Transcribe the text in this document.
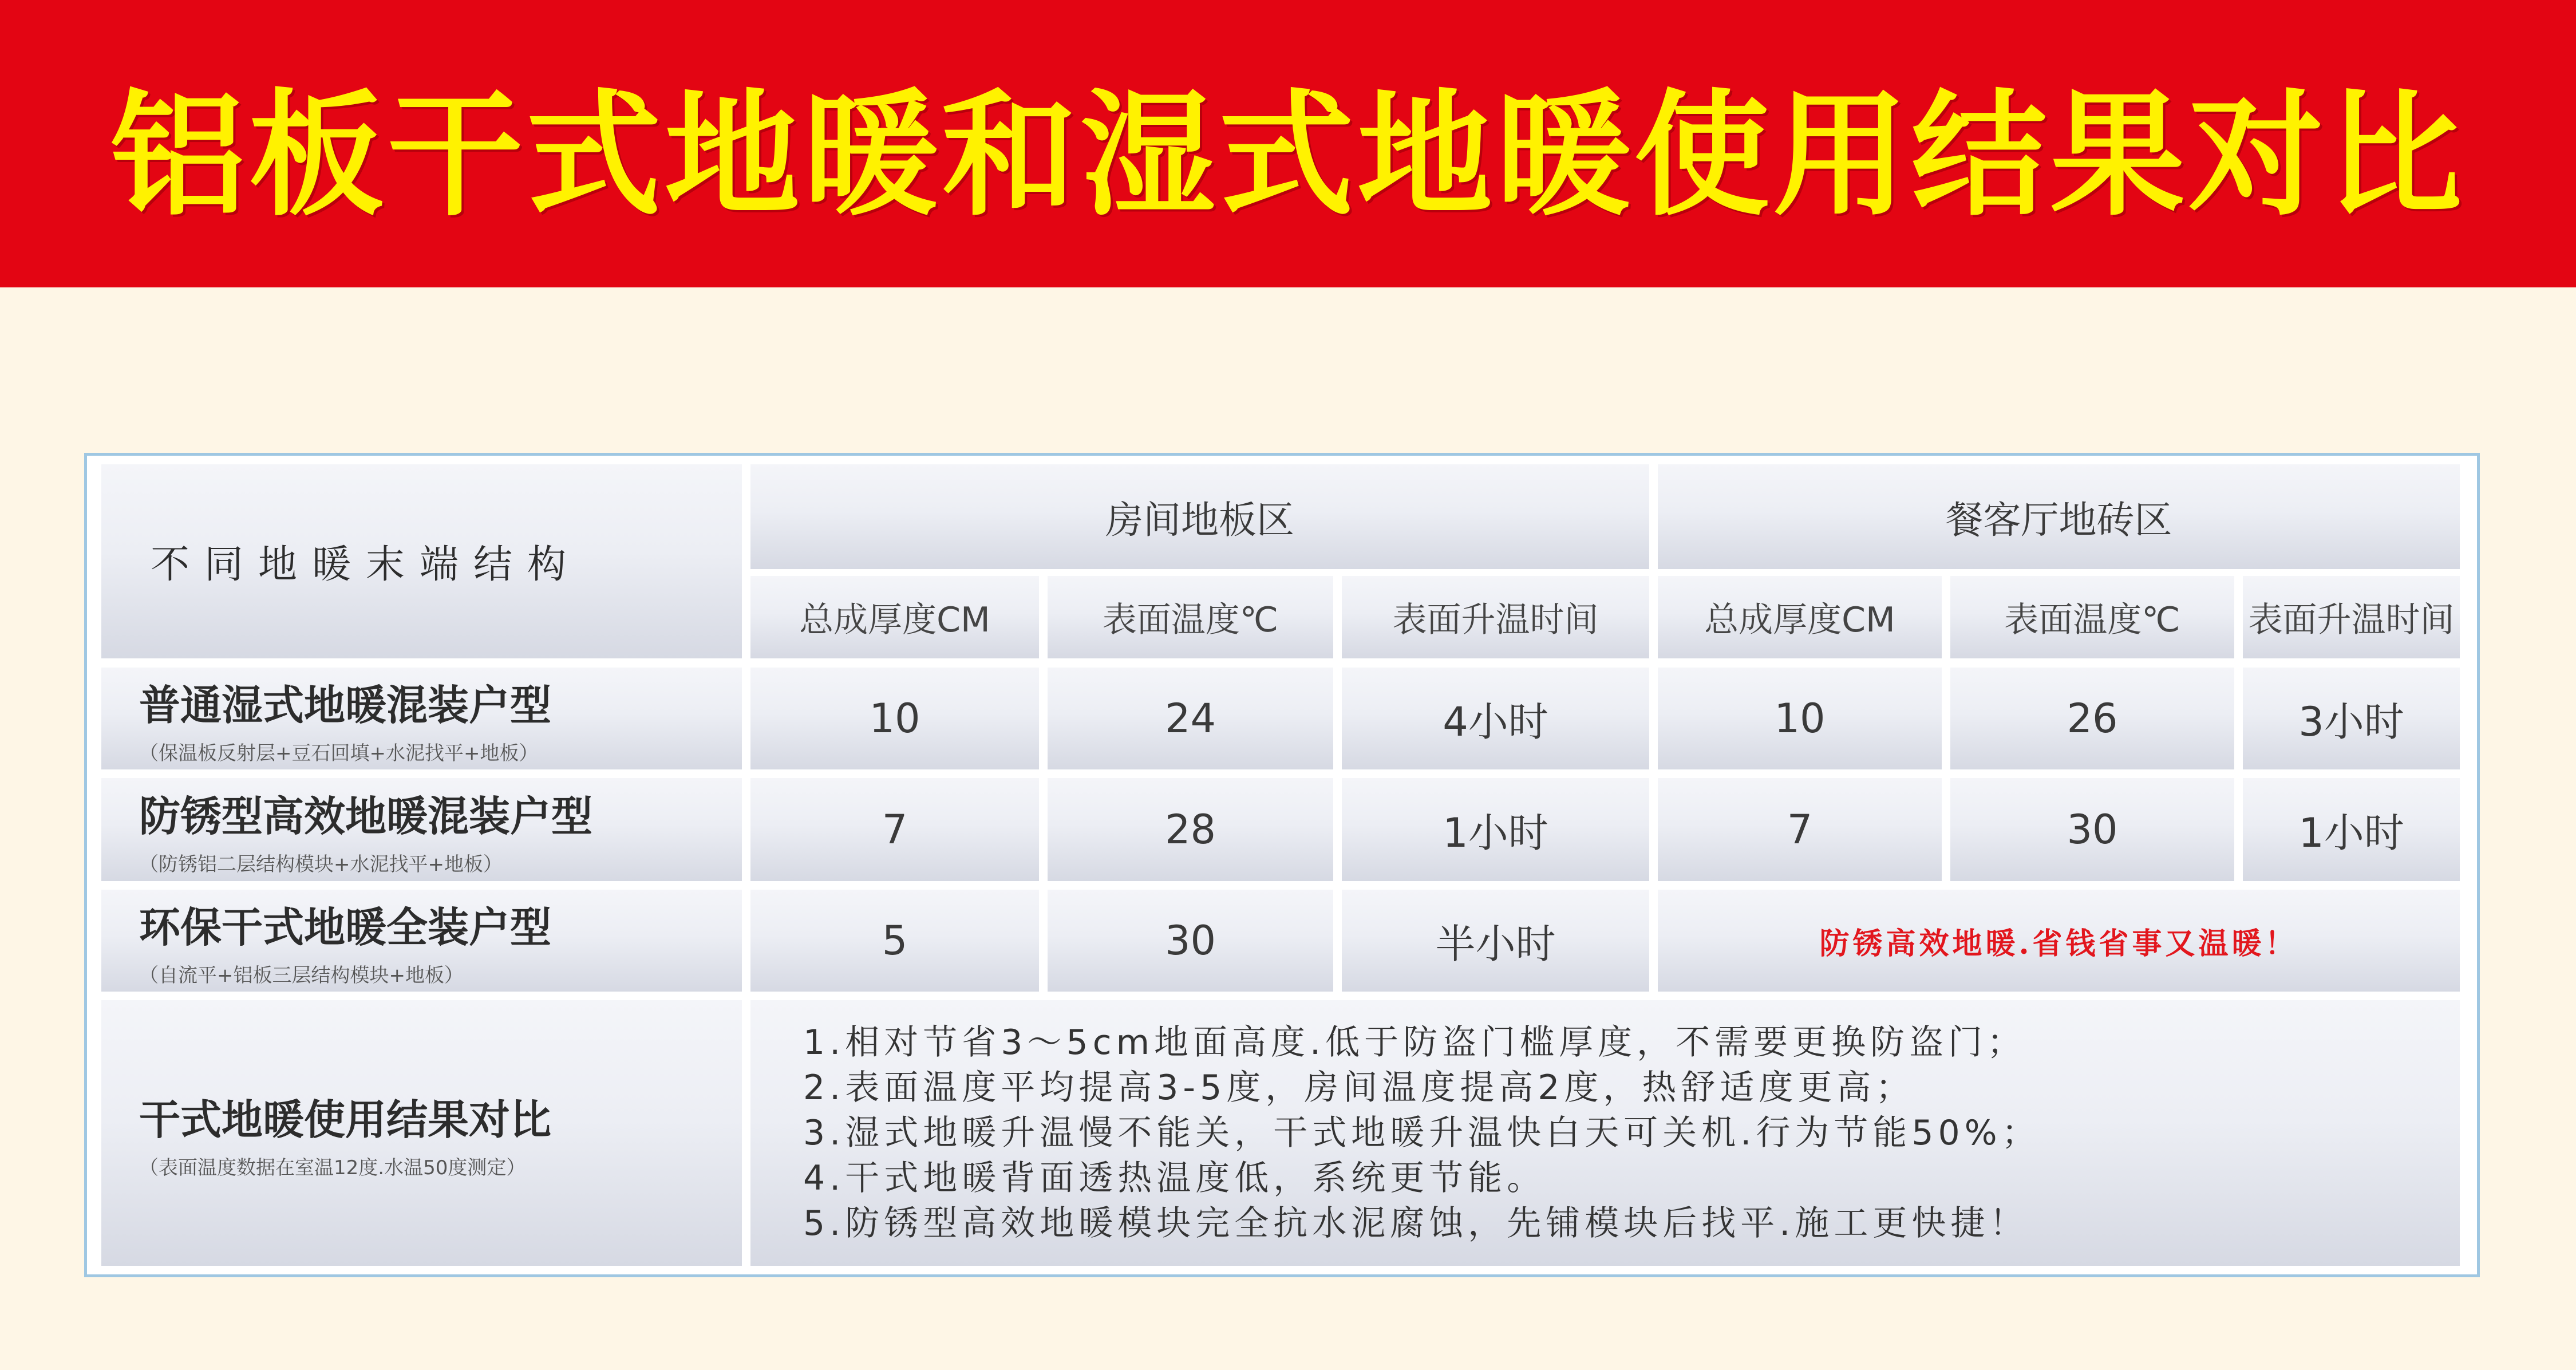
铝板干式地暖和湿式地暖使用结果对比
不同地暖末端结构
房间地板区	餐客厅地砖区
总成厚度CM	表面温度℃	表面升温时间	总成厚度CM	表面温度℃	表面升温时间
普通湿式地暖混装户型
（保温板反射层+豆石回填+水泥找平+地板）
10	24	4小时	10	26	3小时
防锈型高效地暖混装户型
（防锈铝二层结构模块+水泥找平+地板）
7	28	1小时	7	30	1小时
环保干式地暖全装户型
（自流平+铝板三层结构模块+地板）
5	30	半小时	防锈高效地暖.省钱省事又温暖！
干式地暖使用结果对比
（表面温度数据在室温12度.水温50度测定）
1.相对节省3～5cm地面高度.低于防盗门槛厚度，不需要更换防盗门；
2.表面温度平均提高3-5度，房间温度提高2度，热舒适度更高；
3.湿式地暖升温慢不能关，干式地暖升温快白天可关机.行为节能50%；
4.干式地暖背面透热温度低，系统更节能。
5.防锈型高效地暖模块完全抗水泥腐蚀，先铺模块后找平.施工更快捷！
